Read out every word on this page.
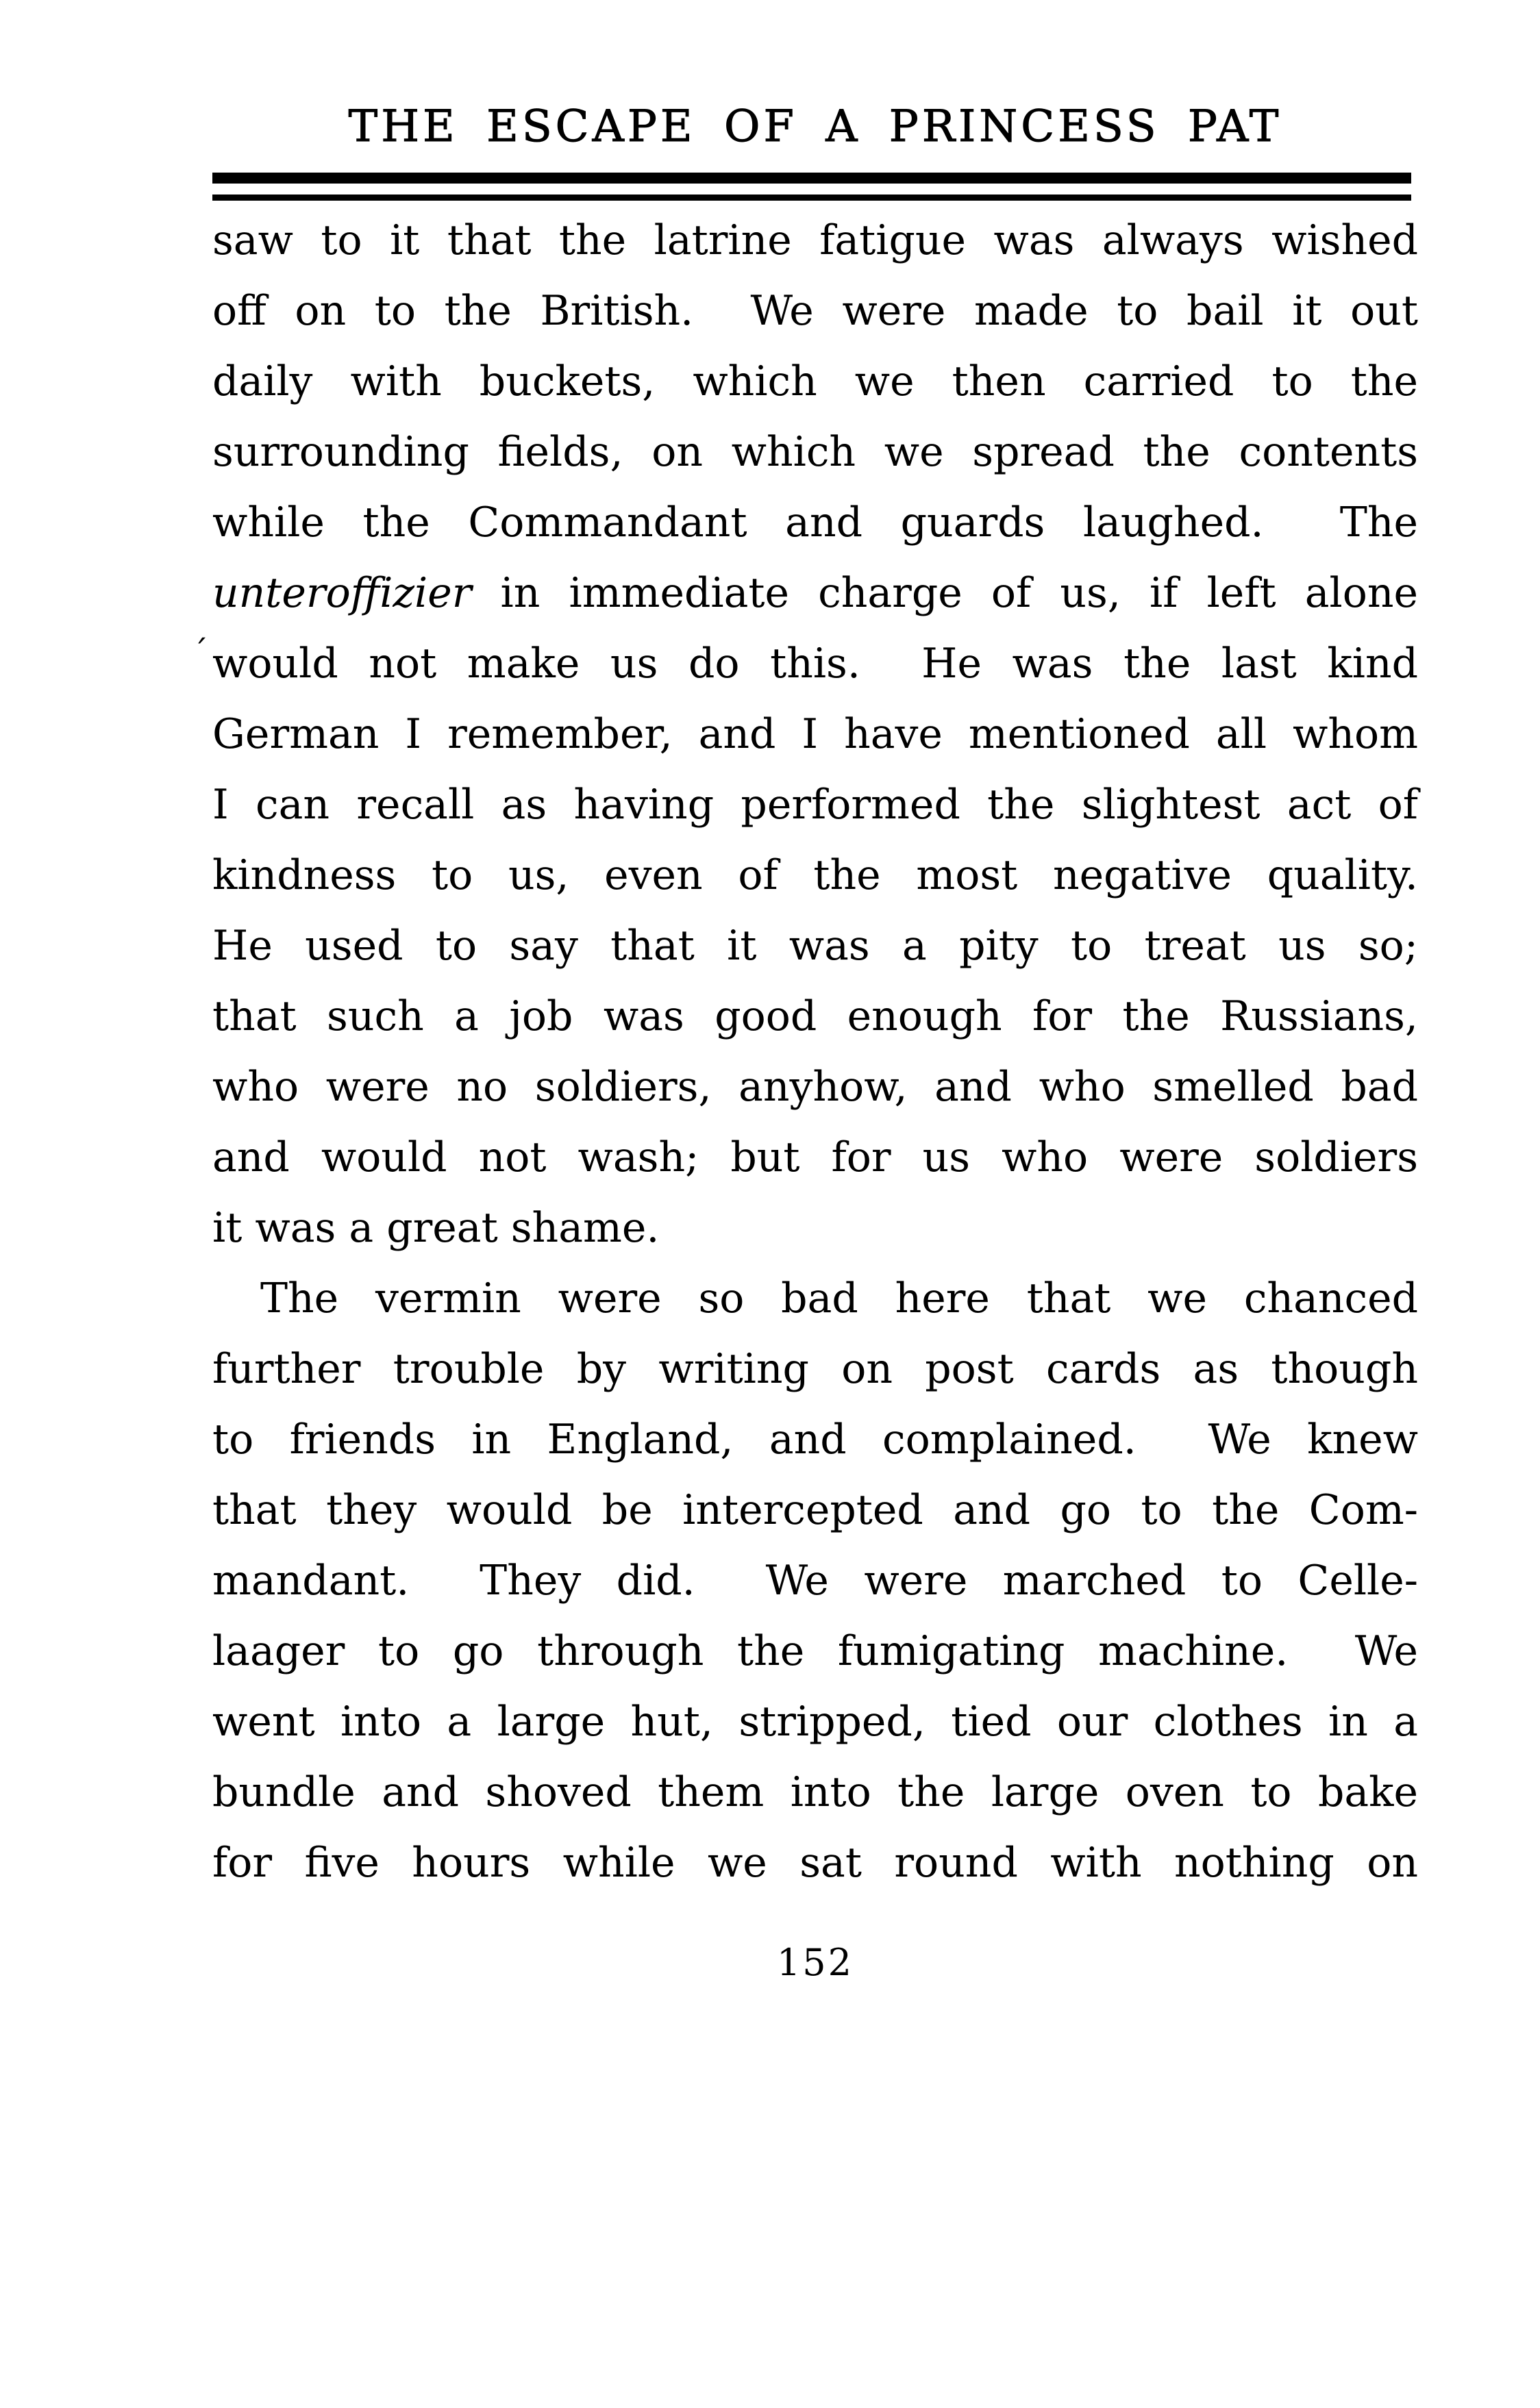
THE ESCAPE OF A PRINCESS PAT
saw to it that the latrine fatigue was always wished
off on to the British.  We were made to bail it out
daily with buckets, which we then carried to the
surrounding fields, on which we spread the contents
while the Commandant and guards laughed.  The
unteroffizier in immediate charge of us, if left alone
´ would not make us do this.  He was the last kind
German I remember, and I have mentioned all whom
I can recall as having performed the slightest act of
kindness to us, even of the most negative quality.
He used to say that it was a pity to treat us so;
that such a job was good enough for the Russians,
who were no soldiers, anyhow, and who smelled bad
and would not wash; but for us who were soldiers
it was a great shame.
The vermin were so bad here that we chanced
further trouble by writing on post cards as though
to friends in England, and complained.  We knew
that they would be intercepted and go to the Com-
mandant.  They did.  We were marched to Celle-
laager to go through the fumigating machine.  We
went into a large hut, stripped, tied our clothes in a
bundle and shoved them into the large oven to bake
for five hours while we sat round with nothing on
152
